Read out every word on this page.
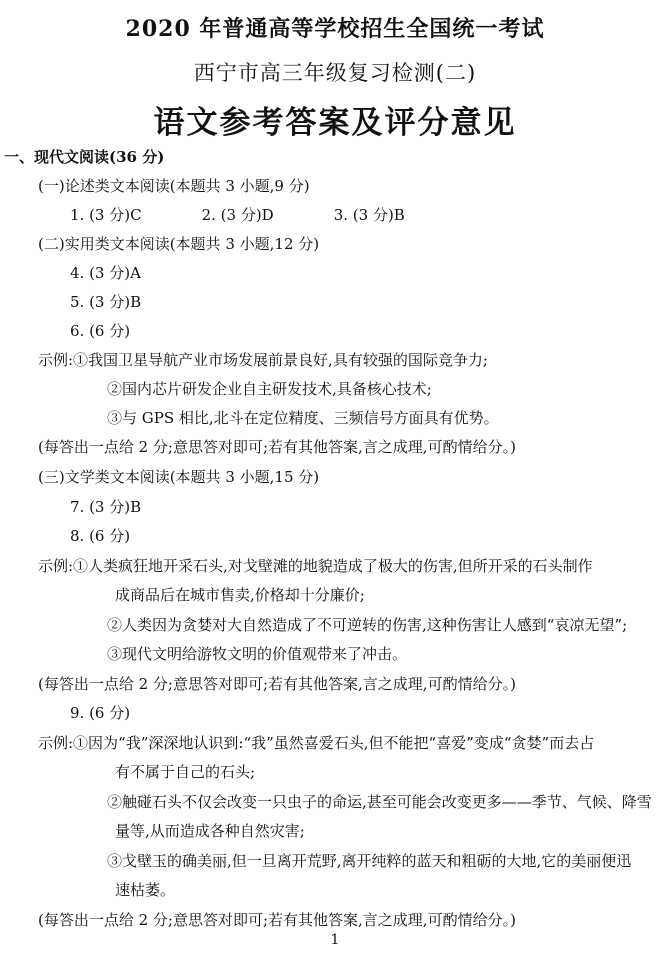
2020 年普通高等学校招生全国统一考试
西宁市高三年级复习检测(二)
语文参考答案及评分意见
一、现代文阅读(36 分)
(一)论述类文本阅读(本题共 3 小题,9 分)
1. (3 分)C	2. (3 分)D	3. (3 分)B
(二)实用类文本阅读(本题共 3 小题,12 分)
4. (3 分)A
5. (3 分)B
6. (6 分)
示例:①我国卫星导航产业市场发展前景良好,具有较强的国际竞争力;
②国内芯片研发企业自主研发技术,具备核心技术;
③与 GPS 相比,北斗在定位精度、三频信号方面具有优势。
(每答出一点给 2 分;意思答对即可;若有其他答案,言之成理,可酌情给分。)
(三)文学类文本阅读(本题共 3 小题,15 分)
7. (3 分)B
8. (6 分)
示例:①人类疯狂地开采石头,对戈壁滩的地貌造成了极大的伤害,但所开采的石头制作
成商品后在城市售卖,价格却十分廉价;
②人类因为贪婪对大自然造成了不可逆转的伤害,这种伤害让人感到“哀凉无望”;
③现代文明给游牧文明的价值观带来了冲击。
(每答出一点给 2 分;意思答对即可;若有其他答案,言之成理,可酌情给分。)
9. (6 分)
示例:①因为“我”深深地认识到:“我”虽然喜爱石头,但不能把“喜爱”变成“贪婪”而去占
有不属于自己的石头;
②触碰石头不仅会改变一只虫子的命运,甚至可能会改变更多——季节、气候、降雪
量等,从而造成各种自然灾害;
③戈壁玉的确美丽,但一旦离开荒野,离开纯粹的蓝天和粗砺的大地,它的美丽便迅
速枯萎。
(每答出一点给 2 分;意思答对即可;若有其他答案,言之成理,可酌情给分。)
1
